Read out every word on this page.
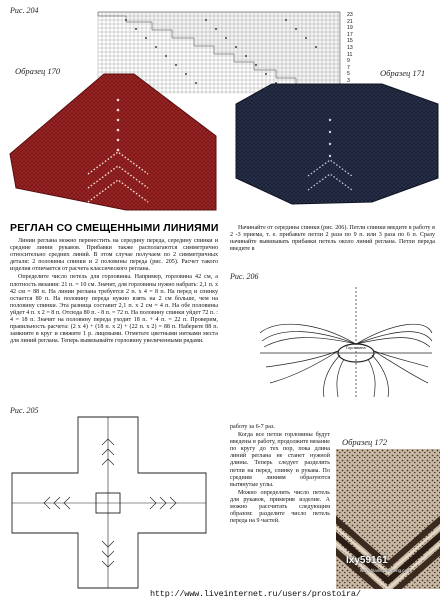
Рис. 204	23
21
19
17
15
13
11
9
7
5
3
Образец 170	Образец 171
РЕГЛАН СО СМЕЩЕННЫМИ ЛИНИЯМИ

Линии реглана можно перенестить на середину переда, середину спинки и средние линии рукавов. Прибавки также располагаются симметрично относительно средних линий. В этом случае получаем по 2 симметричных детали: 2 половины спинки и 2 половины переда (рис. 205). Расчет такого изделия отличается от расчета классического реглана.

Определите число петель для горловины. Например, горловина 42 см, а плотность вязания: 21 п. = 10 см. Значит, для горловины нужно набрать: 2,1 п. х 42 см = 88 п. На линии реглана требуется 2 п. х 4 = 8 п. На перед и спинку остается 80 п. На половину переда нужно взять на 2 см больше, чем на половину спинки. Эта разница составит 2,1 п. х 2 см = 4 п. На обе половины уйдет 4 п. х 2 = 8 п. Отсюда 80 п. - 8 п. = 72 п. На половину спинки уйдет 72 п. : 4 = 18 п. Значит на половину переда уходит 18 п. + 4 п. = 22 п. Проверим, правильность расчета: (2 х 4) + (18 п. х 2) + (22 п. х 2) = 88 п. Наберите 88 п. замкните в круг и свяжите 1 р. лицевыми. Отметьте цветными нитками места для линий реглана. Теперь вывязывайте горловину увеличенными рядами.

Начинайте от середины спинки (рис. 206). Петли спинки введите в работу в 2 -3 приема, т. е. прибавьте петли 2 раза по 9 п. или 3 раза по 6 п. Сразу начинайте вывязывать прибавки петель около линий реглана. Петли переда введите в

Рис. 206
Горловина
Рис. 205

работу за 6-7 раз.

Когда все петли горловины будут введены в работу, продолжите вязание по кругу до тех пор, пока длина линий реглана не станет нужной длины. Теперь следует разделить петли на перед, спинку и рукава. По средним линиям образуются вытянутые углы.

Можно определить число петель для рукавов, примерив изделие. А можно рассчитать следующим образом: разделите число петель переда на 9 частей.

Образец 172
lxy59161
www.blanklinenheng.com
http://www.liveinternet.ru/users/prostoira/
